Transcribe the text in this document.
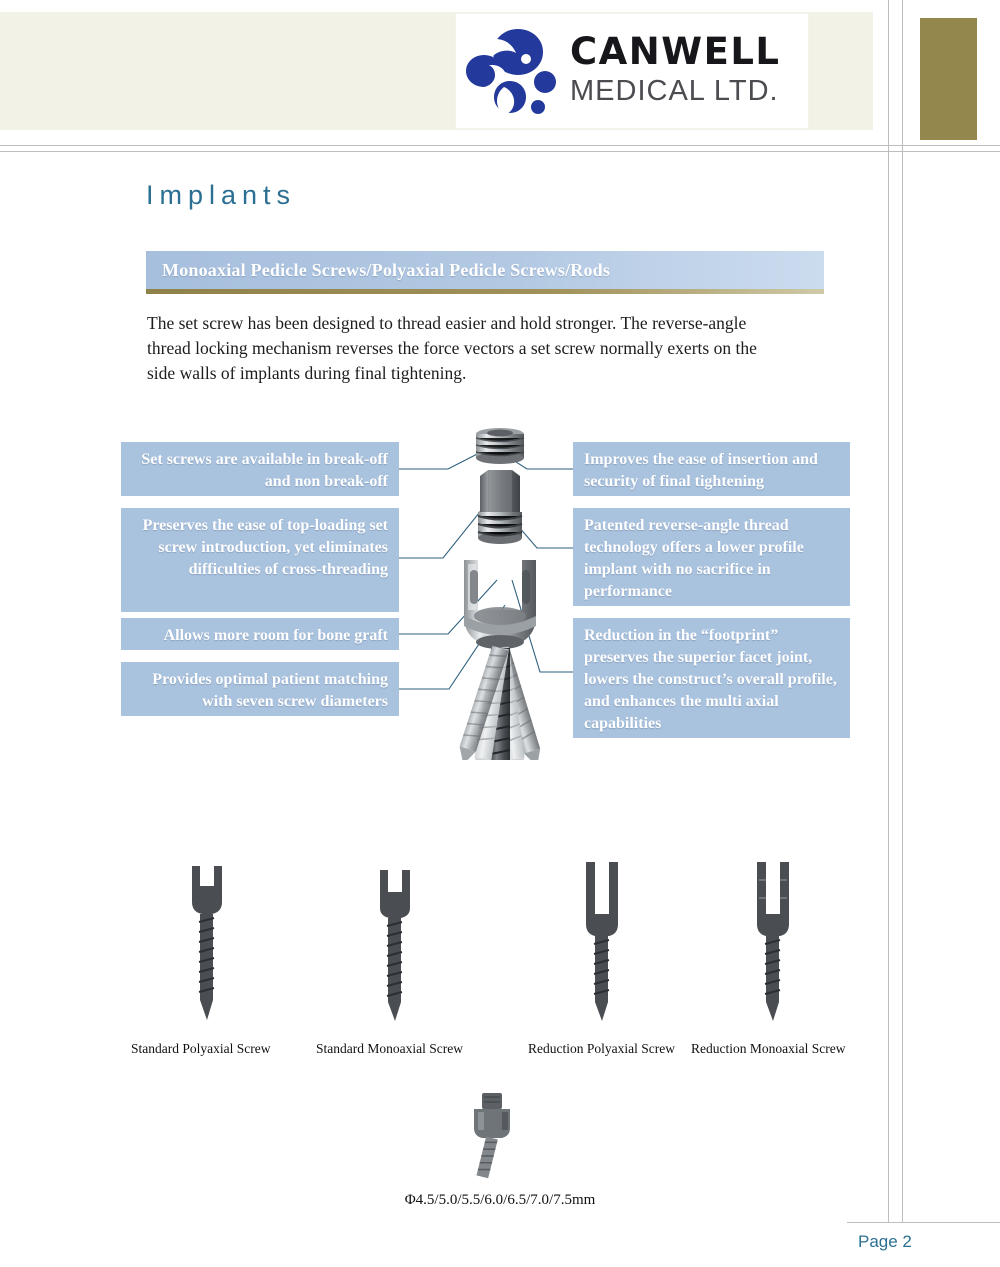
CANWELL
MEDICAL LTD.
Implants
Monoaxial Pedicle Screws/Polyaxial Pedicle Screws/Rods
The set screw has been designed to thread easier and hold stronger. The reverse-angle thread locking mechanism reverses the force vectors a set screw normally exerts on the side walls of implants during final tightening.
Set screws are available in break-off and non break-off
Preserves the ease of top-loading set screw introduction, yet eliminates difficulties of cross-threading
Allows more room for bone graft
Provides optimal patient matching with seven screw diameters
Improves the ease of insertion and security of final tightening
Patented reverse-angle thread technology offers a lower profile implant with no sacrifice in performance
Reduction in the “footprint” preserves the superior facet joint, lowers the construct’s overall profile, and enhances the multi axial capabilities
Standard Polyaxial Screw	Standard Monoaxial Screw	Reduction Polyaxial Screw Reduction Monoaxial Screw
Φ4.5/5.0/5.5/6.0/6.5/7.0/7.5mm
Page 2
